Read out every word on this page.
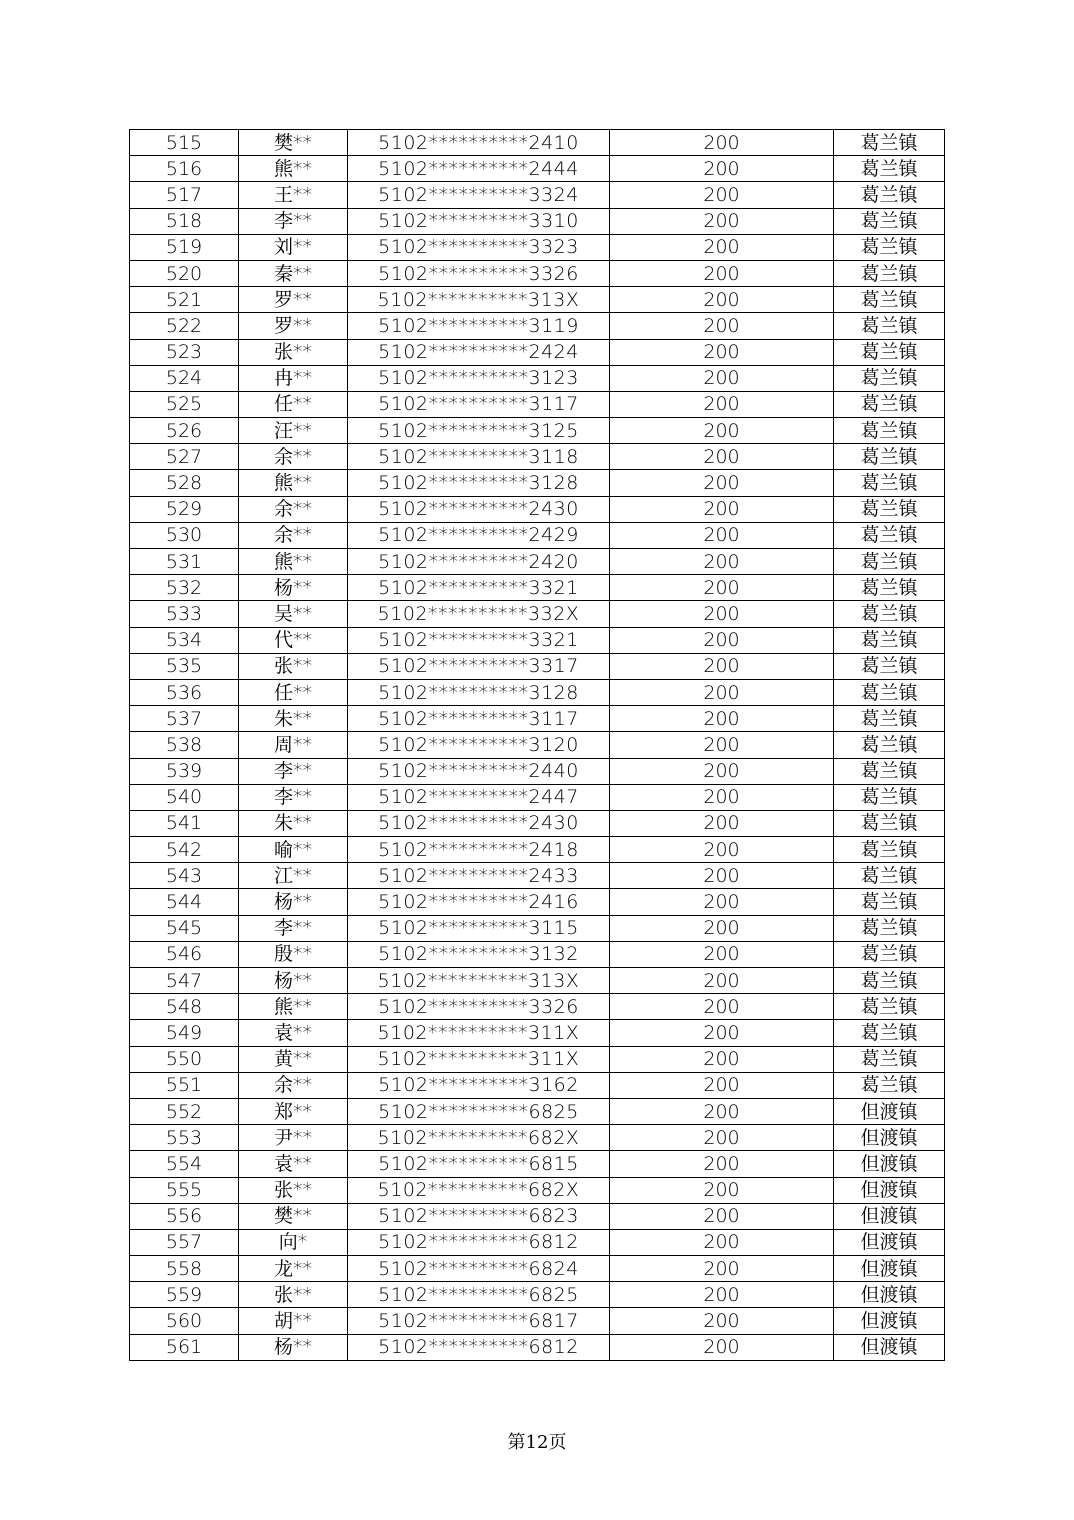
515	樊**	5102**********2410	200	葛兰镇
516	熊**	5102**********2444	200	葛兰镇
517	王**	5102**********3324	200	葛兰镇
518	李**	5102**********3310	200	葛兰镇
519	刘**	5102**********3323	200	葛兰镇
520	秦**	5102**********3326	200	葛兰镇
521	罗**	5102**********313X	200	葛兰镇
522	罗**	5102**********3119	200	葛兰镇
523	张**	5102**********2424	200	葛兰镇
524	冉**	5102**********3123	200	葛兰镇
525	任**	5102**********3117	200	葛兰镇
526	汪**	5102**********3125	200	葛兰镇
527	余**	5102**********3118	200	葛兰镇
528	熊**	5102**********3128	200	葛兰镇
529	余**	5102**********2430	200	葛兰镇
530	余**	5102**********2429	200	葛兰镇
531	熊**	5102**********2420	200	葛兰镇
532	杨**	5102**********3321	200	葛兰镇
533	吴**	5102**********332X	200	葛兰镇
534	代**	5102**********3321	200	葛兰镇
535	张**	5102**********3317	200	葛兰镇
536	任**	5102**********3128	200	葛兰镇
537	朱**	5102**********3117	200	葛兰镇
538	周**	5102**********3120	200	葛兰镇
539	李**	5102**********2440	200	葛兰镇
540	李**	5102**********2447	200	葛兰镇
541	朱**	5102**********2430	200	葛兰镇
542	喻**	5102**********2418	200	葛兰镇
543	江**	5102**********2433	200	葛兰镇
544	杨**	5102**********2416	200	葛兰镇
545	李**	5102**********3115	200	葛兰镇
546	殷**	5102**********3132	200	葛兰镇
547	杨**	5102**********313X	200	葛兰镇
548	熊**	5102**********3326	200	葛兰镇
549	袁**	5102**********311X	200	葛兰镇
550	黄**	5102**********311X	200	葛兰镇
551	余**	5102**********3162	200	葛兰镇
552	郑**	5102**********6825	200	但渡镇
553	尹**	5102**********682X	200	但渡镇
554	袁**	5102**********6815	200	但渡镇
555	张**	5102**********682X	200	但渡镇
556	樊**	5102**********6823	200	但渡镇
557	向*	5102**********6812	200	但渡镇
558	龙**	5102**********6824	200	但渡镇
559	张**	5102**********6825	200	但渡镇
560	胡**	5102**********6817	200	但渡镇
561	杨**	5102**********6812	200	但渡镇
第12页
